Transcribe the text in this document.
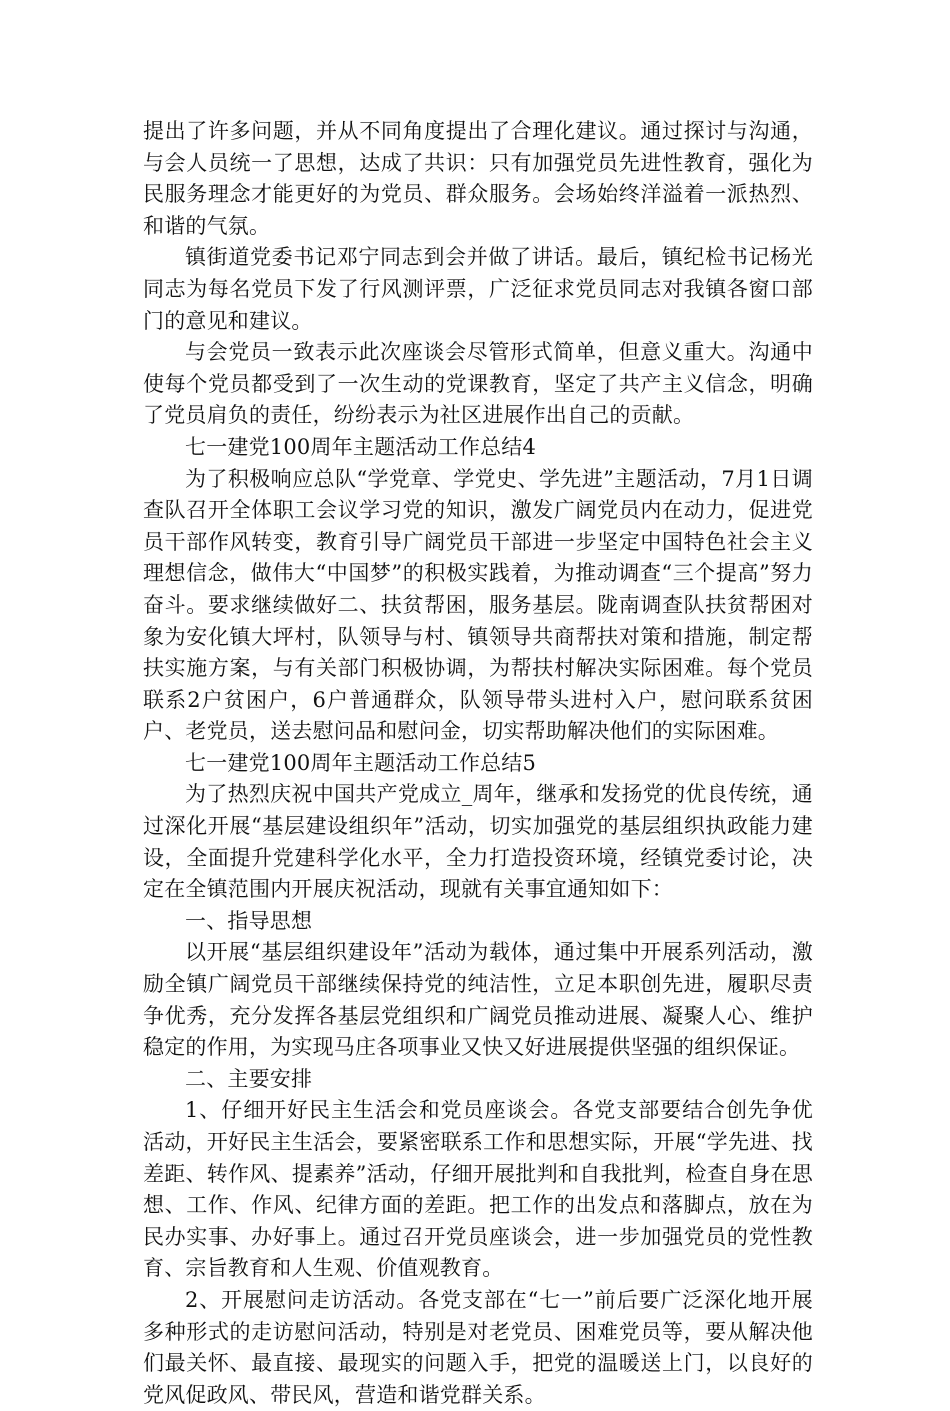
提出了许多问题，并从不同角度提出了合理化建议。通过探讨与沟通，与会人员统一了思想，达成了共识：只有加强党员先进性教育，强化为民服务理念才能更好的为党员、群众服务。会场始终洋溢着一派热烈、和谐的气氛。

镇街道党委书记邓宁同志到会并做了讲话。最后，镇纪检书记杨光同志为每名党员下发了行风测评票，广泛征求党员同志对我镇各窗口部门的意见和建议。

与会党员一致表示此次座谈会尽管形式简单，但意义重大。沟通中使每个党员都受到了一次生动的党课教育，坚定了共产主义信念，明确了党员肩负的责任，纷纷表示为社区进展作出自己的贡献。

七一建党100周年主题活动工作总结4

为了积极响应总队“学党章、学党史、学先进”主题活动，7月1日调查队召开全体职工会议学习党的知识，激发广阔党员内在动力，促进党员干部作风转变，教育引导广阔党员干部进一步坚定中国特色社会主义理想信念，做伟大“中国梦”的积极实践着，为推动调查“三个提高”努力奋斗。要求继续做好二、扶贫帮困，服务基层。陇南调查队扶贫帮困对象为安化镇大坪村，队领导与村、镇领导共商帮扶对策和措施，制定帮扶实施方案，与有关部门积极协调，为帮扶村解决实际困难。每个党员联系2户贫困户，6户普通群众，队领导带头进村入户，慰问联系贫困户、老党员，送去慰问品和慰问金，切实帮助解决他们的实际困难。

七一建党100周年主题活动工作总结5

为了热烈庆祝中国共产党成立_周年，继承和发扬党的优良传统，通过深化开展“基层建设组织年”活动，切实加强党的基层组织执政能力建设，全面提升党建科学化水平，全力打造投资环境，经镇党委讨论，决定在全镇范围内开展庆祝活动，现就有关事宜通知如下：

一、指导思想

以开展“基层组织建设年”活动为载体，通过集中开展系列活动，激励全镇广阔党员干部继续保持党的纯洁性，立足本职创先进，履职尽责争优秀，充分发挥各基层党组织和广阔党员推动进展、凝聚人心、维护稳定的作用，为实现马庄各项事业又快又好进展提供坚强的组织保证。

二、主要安排

1、仔细开好民主生活会和党员座谈会。各党支部要结合创先争优活动，开好民主生活会，要紧密联系工作和思想实际，开展“学先进、找差距、转作风、提素养”活动，仔细开展批判和自我批判，检查自身在思想、工作、作风、纪律方面的差距。把工作的出发点和落脚点，放在为民办实事、办好事上。通过召开党员座谈会，进一步加强党员的党性教育、宗旨教育和人生观、价值观教育。

2、开展慰问走访活动。各党支部在“七一”前后要广泛深化地开展多种形式的走访慰问活动，特别是对老党员、困难党员等，要从解决他们最关怀、最直接、最现实的问题入手，把党的温暖送上门，以良好的党风促政风、带民风，营造和谐党群关系。
